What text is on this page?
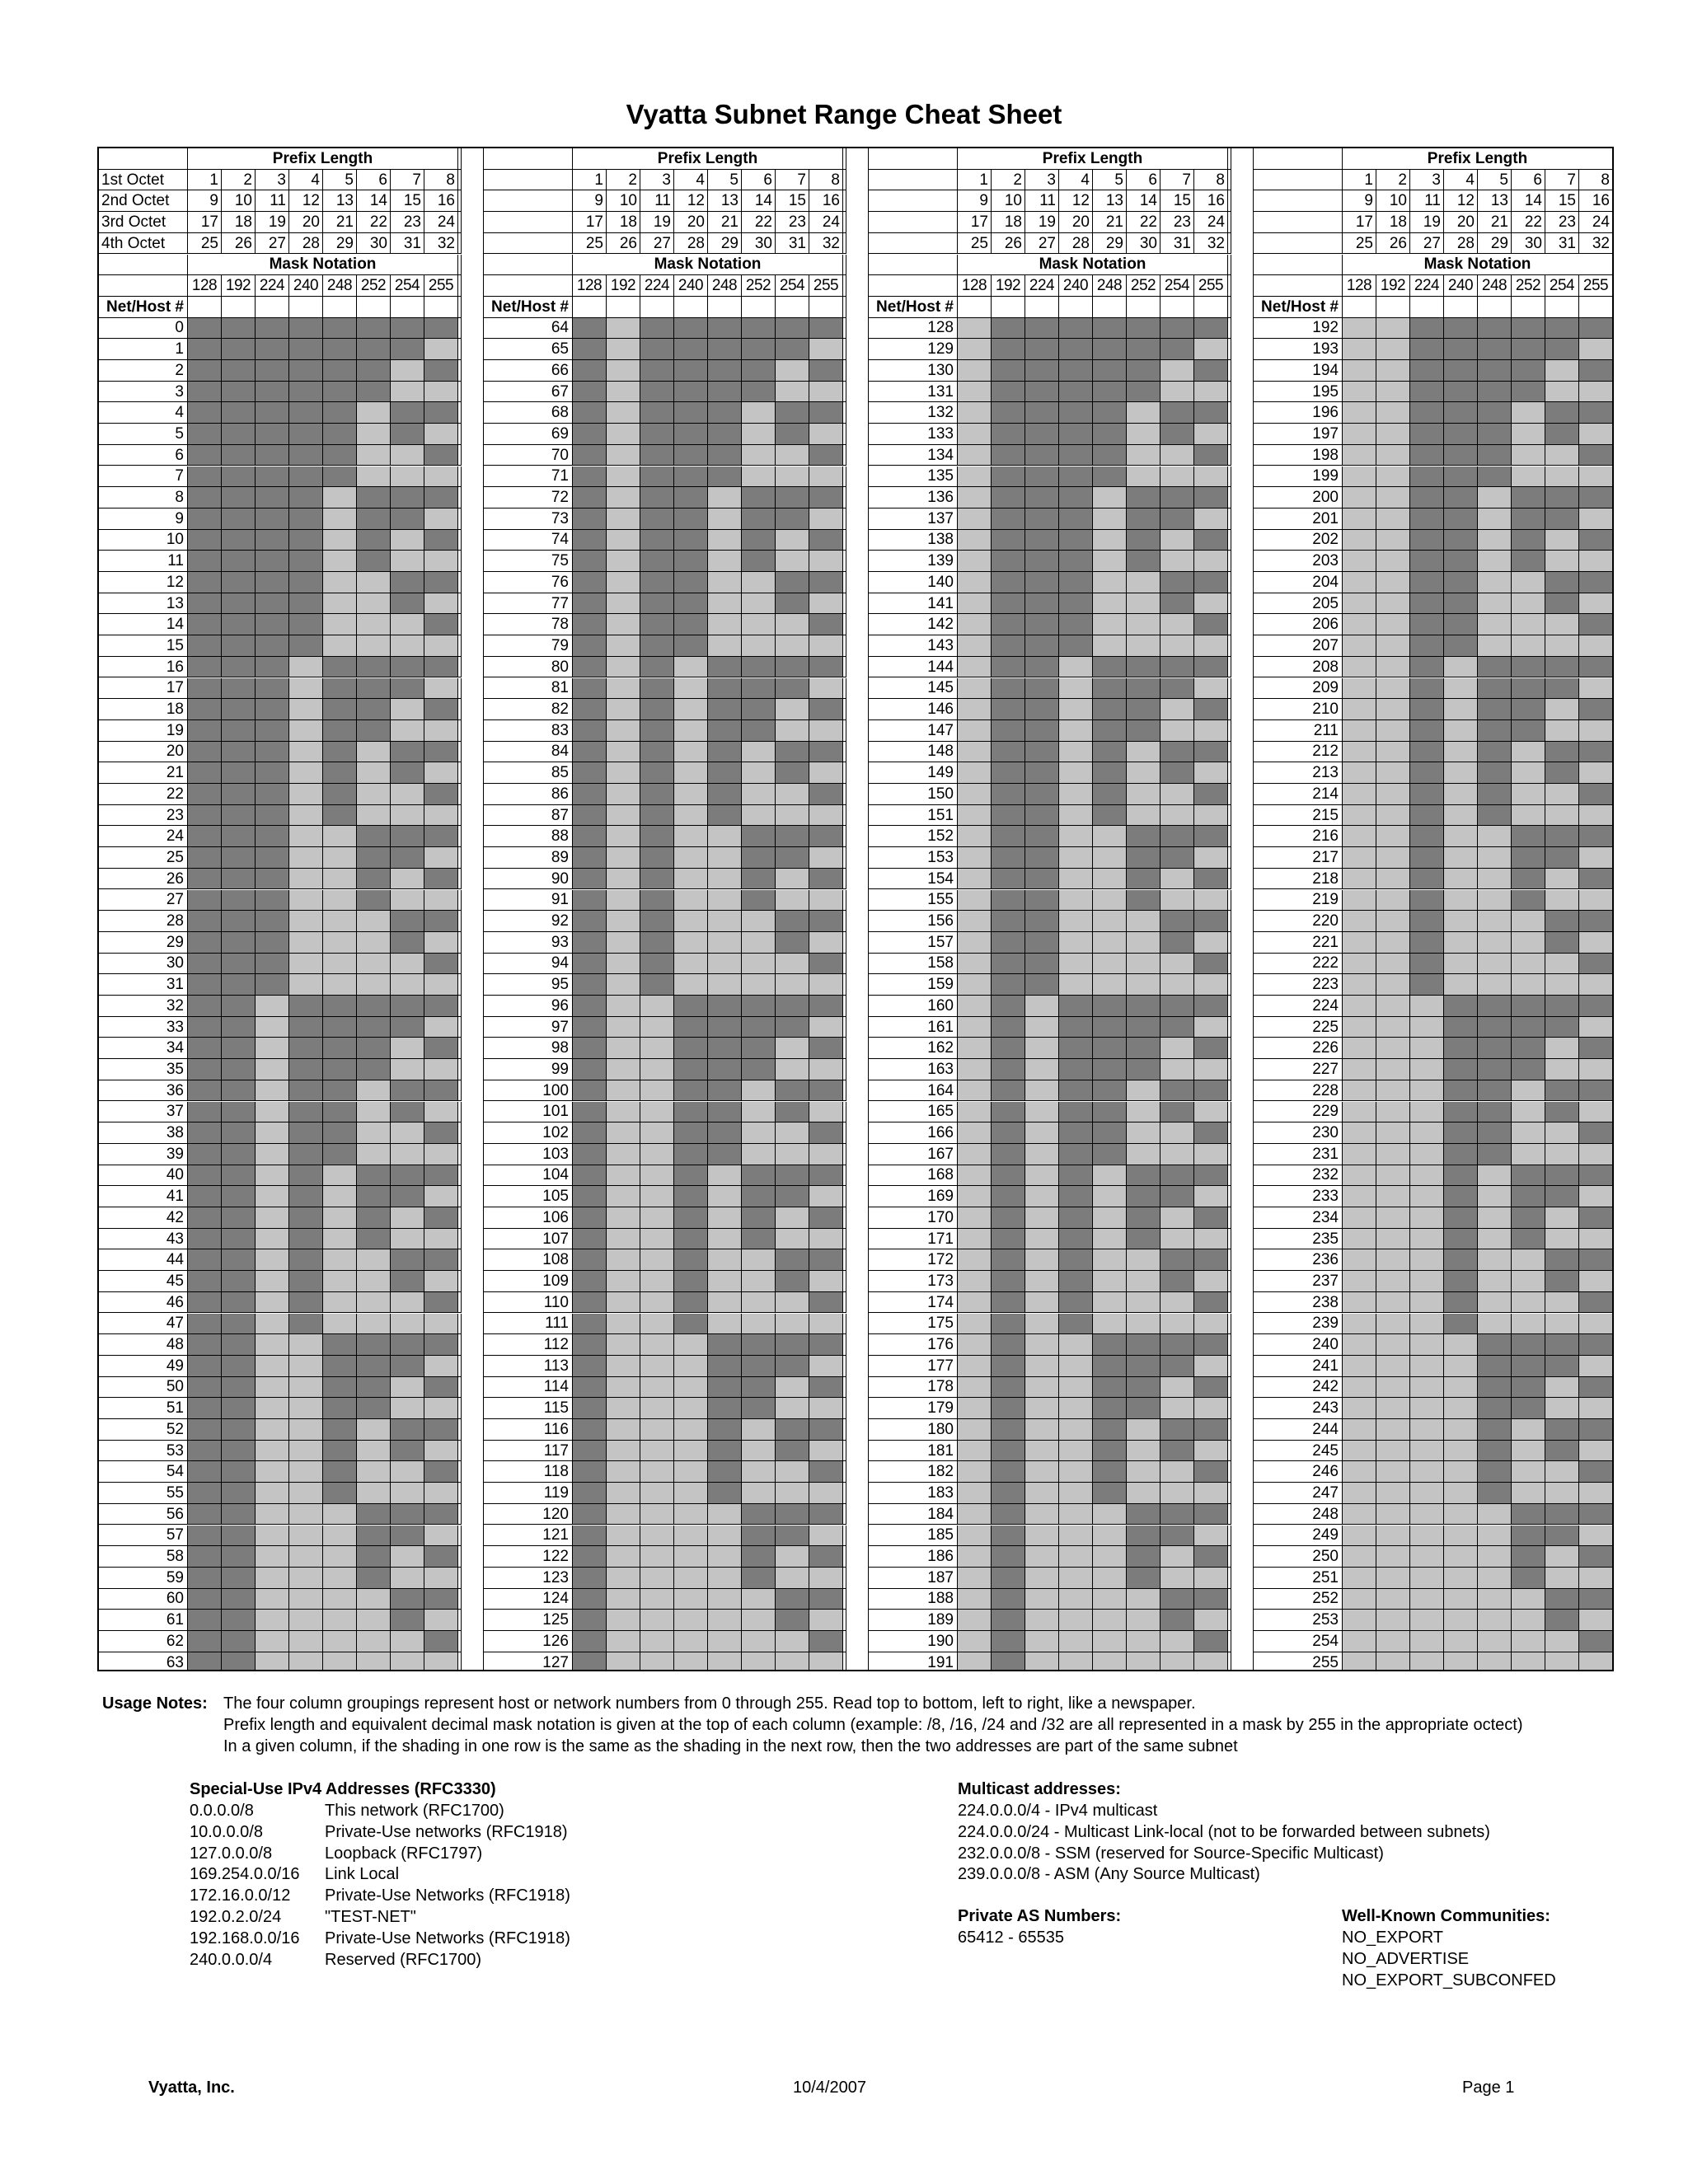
Vyatta Subnet Range Cheat Sheet
Prefix Length
1st Octet	1	2	3	4	5	6	7	8
2nd Octet	9	10	11	12	13	14	15	16
3rd Octet	17	18	19	20	21	22	23	24
4th Octet	25	26	27	28	29	30	31	32
Mask Notation
128 192 224 240 248 252 254 255
Net/Host #
0
1
2
3
4
5
6
7
8
9
10
11
12
13
14
15
16
17
18
19
20
21
22
23
24
25
26
27
28
29
30
31
32
33
34
35
36
37
38
39
40
41
42
43
44
45
46
47
48
49
50
51
52
53
54
55
56
57
58
59
60
61
62
63
Prefix Length
1	2	3	4	5	6	7	8
9	10	11	12	13	14	15	16
17	18	19	20	21	22	23	24
25	26	27	28	29	30	31	32
Mask Notation
128 192 224 240 248 252 254 255
Net/Host #
64
65
66
67
68
69
70
71
72
73
74
75
76
77
78
79
80
81
82
83
84
85
86
87
88
89
90
91
92
93
94
95
96
97
98
99
100
101
102
103
104
105
106
107
108
109
110
111
112
113
114
115
116
117
118
119
120
121
122
123
124
125
126
127
Prefix Length
1	2	3	4	5	6	7	8
9	10	11	12	13	14	15	16
17	18	19	20	21	22	23	24
25	26	27	28	29	30	31	32
Mask Notation
128 192 224 240 248 252 254 255
Net/Host #
128
129
130
131
132
133
134
135
136
137
138
139
140
141
142
143
144
145
146
147
148
149
150
151
152
153
154
155
156
157
158
159
160
161
162
163
164
165
166
167
168
169
170
171
172
173
174
175
176
177
178
179
180
181
182
183
184
185
186
187
188
189
190
191
Prefix Length
1	2	3	4	5	6	7	8
9	10	11	12	13	14	15	16
17	18	19	20	21	22	23	24
25	26	27	28	29	30	31	32
Mask Notation
128 192 224 240 248 252 254 255
Net/Host #
192
193
194
195
196
197
198
199
200
201
202
203
204
205
206
207
208
209
210
211
212
213
214
215
216
217
218
219
220
221
222
223
224
225
226
227
228
229
230
231
232
233
234
235
236
237
238
239
240
241
242
243
244
245
246
247
248
249
250
251
252
253
254
255
Usage Notes: The four column groupings represent host or network numbers from 0 through 255. Read top to bottom, left to right, like a newspaper.
Prefix length and equivalent decimal mask notation is given at the top of each column (example: /8, /16, /24 and /32 are all represented in a mask by 255 in the appropriate octect)
In a given column, if the shading in one row is the same as the shading in the next row, then the two addresses are part of the same subnet
Special-Use IPv4 Addresses (RFC3330)
0.0.0.0/8	This network (RFC1700)
10.0.0.0/8	Private-Use networks (RFC1918)
127.0.0.0/8	Loopback (RFC1797)
169.254.0.0/16 Link Local
172.16.0.0/12 Private-Use Networks (RFC1918)
192.0.2.0/24	"TEST-NET"
192.168.0.0/16 Private-Use Networks (RFC1918)
240.0.0.0/4	Reserved (RFC1700)
Multicast addresses:
224.0.0.0/4 - IPv4 multicast
224.0.0.0/24 - Multicast Link-local (not to be forwarded between subnets)
232.0.0.0/8 - SSM (reserved for Source-Specific Multicast)
239.0.0.0/8 - ASM (Any Source Multicast)
Private AS Numbers:
65412 - 65535
Well-Known Communities:
NO_EXPORT
NO_ADVERTISE
NO_EXPORT_SUBCONFED
Vyatta, Inc.	10/4/2007	Page 1
